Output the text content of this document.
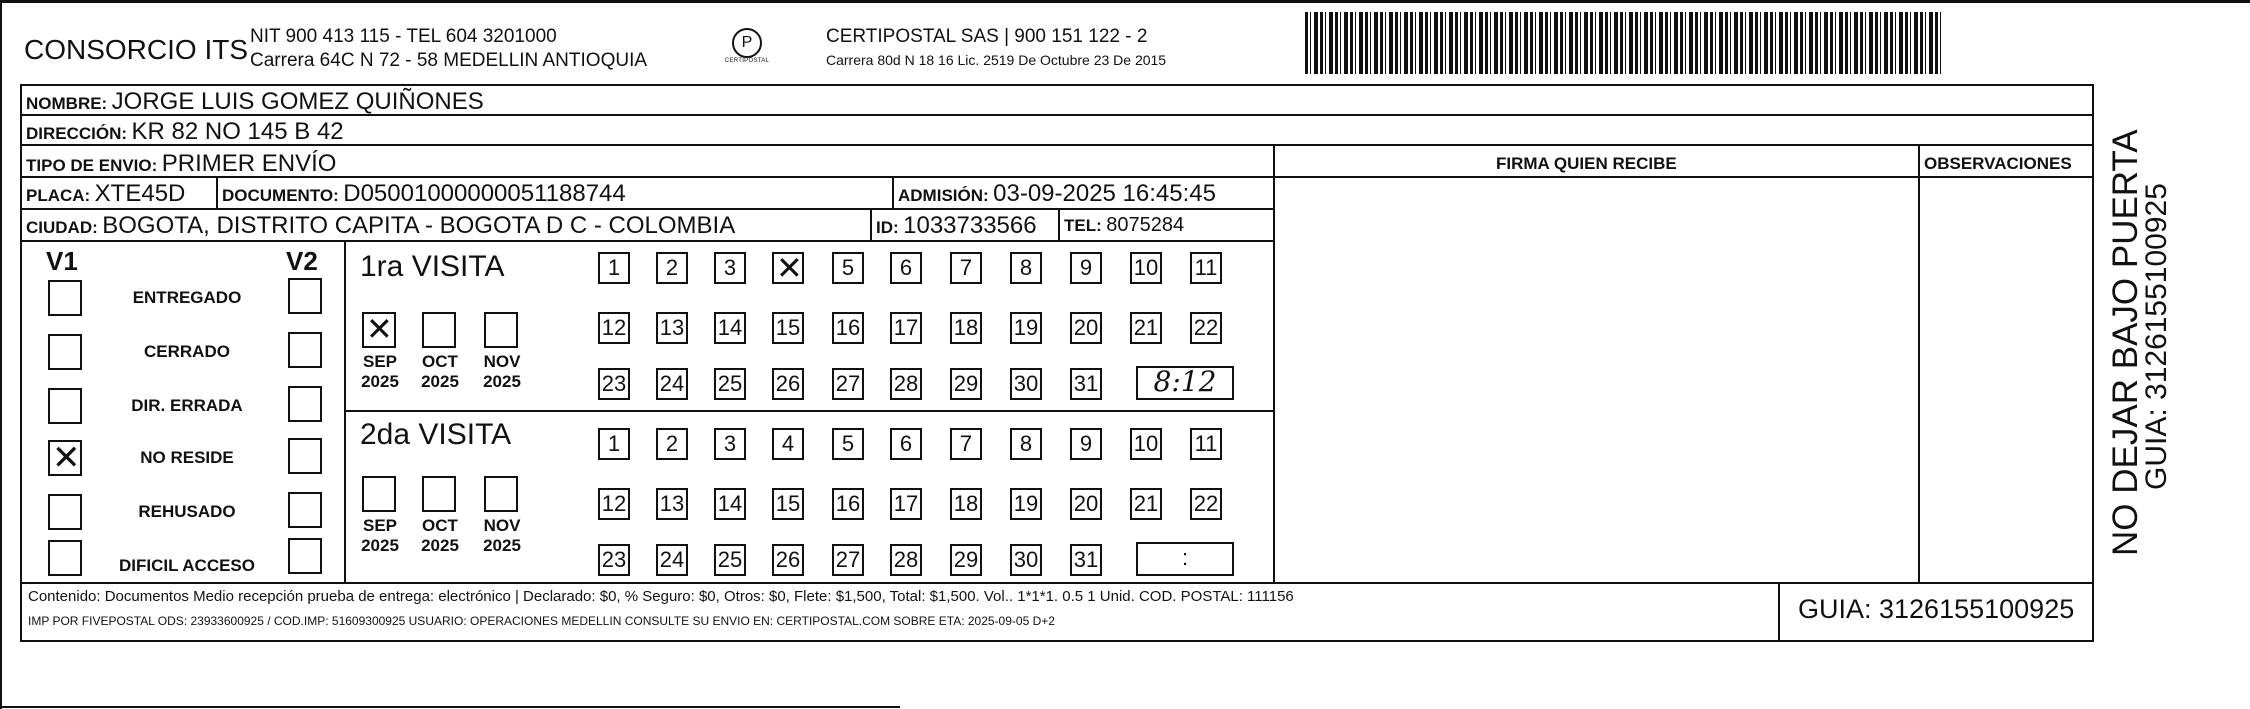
CONSORCIO ITS NIT 900 413 115 - TEL 604 3201000
Carrera 64C N 72 - 58 MEDELLIN ANTIOQUIA
P
CERTIPOSTAL
CERTIPOSTAL SAS | 900 151 122 - 2
Carrera 80d N 18 16 Lic. 2519 De Octubre 23 De 2015
NOMBRE: JORGE LUIS GOMEZ QUIÑONES
DIRECCIÓN: KR 82 NO 145 B 42
TIPO DE ENVIO: PRIMER ENVÍO	FIRMA QUIEN RECIBE	OBSERVACIONES
PLACA: XTE45D DOCUMENTO: D05001000000051188744	ADMISIÓN: 03-09-2025 16:45:45
CIUDAD: BOGOTA, DISTRITO CAPITA - BOGOTA D C - COLOMBIA	ID: 1033733566 TEL: 8075284
V1	V2
ENTREGADO
CERRADO
DIR. ERRADA
✕
NO RESIDE
REHUSADO
DIFICIL ACCESO
1ra VISITA
✕
SEP
2025
OCT
2025
NOV
2025
1	2	3
✕	5	6	7	8	9	10 11
12 13 14 15 16 17 18 19 20 21 22
23 24 25 26 27 28 29 30 31	8:12
2da VISITA
SEP
2025
OCT
2025
NOV
2025
1	2	3	4	5	6	7	8	9	10 11
12 13 14 15 16 17 18 19 20 21 22
23 24 25 26 27 28 29 30 31	:
Contenido: Documentos Medio recepción prueba de entrega: electrónico | Declarado: $0, % Seguro: $0, Otros: $0, Flete: $1,500, Total: $1,500. Vol.. 1*1*1. 0.5 1 Unid. COD. POSTAL: 111156
IMP POR FIVEPOSTAL ODS: 23933600925 / COD.IMP: 51609300925 USUARIO: OPERACIONES MEDELLIN CONSULTE SU ENVIO EN: CERTIPOSTAL.COM SOBRE ETA: 2025-09-05 D+2	GUIA: 3126155100925
NO DEJAR BAJO PUERTA
GUIA: 3126155100925
